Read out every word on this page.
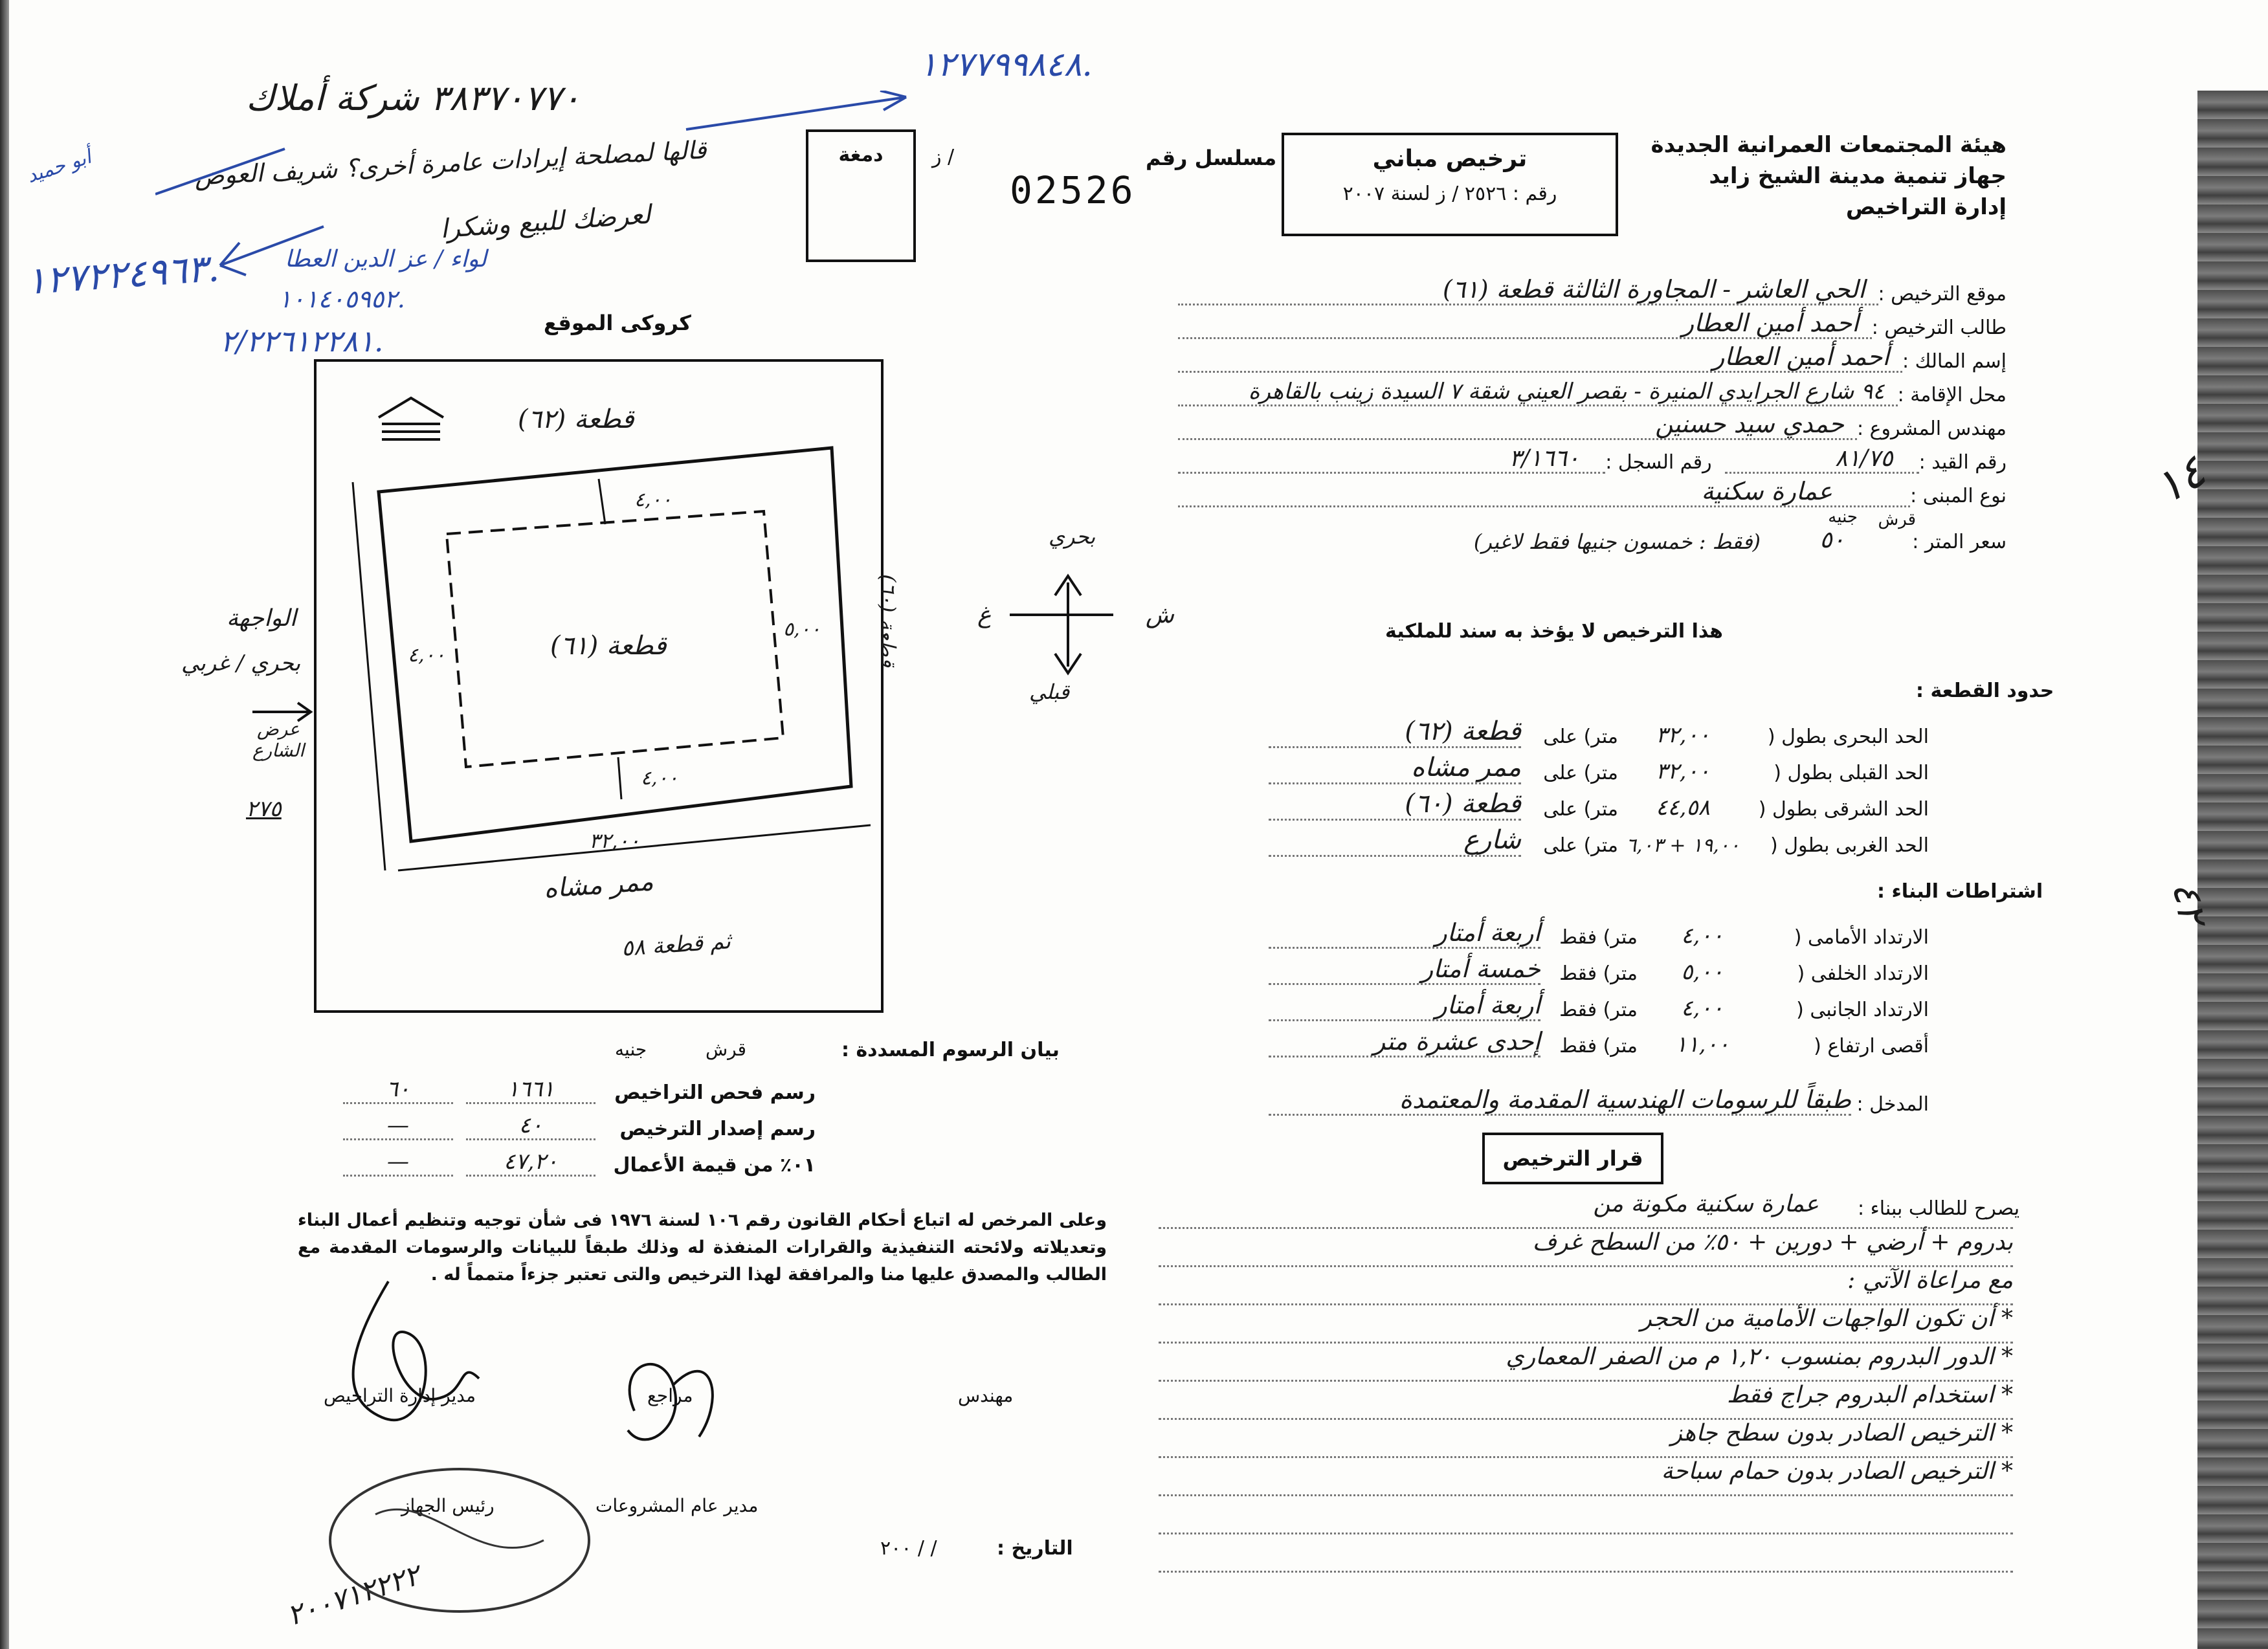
.١٢٧٧٩٩٨٤٨
٣٨٣٧٠٧٧٠ شركة أملاك
أبو حميد
.١٢٧٢٢٤٩٦٣
قالها لمصلحة إيرادات عامرة أخرى؟ شريف العوض
لعرضك للبيع وشكرا
لواء / عز الدين العطا
.١٠١٤٠٥٩٥٢
.٢/٢٢٦١٢٢٨١
هيئة المجتمعات العمرانية الجديدة
جهاز تنمية مدينة الشيخ زايد
إدارة التراخيص
ترخيص مباني
رقم : ٢٥٢٦ / ز لسنة ٢٠٠٧
مسلسل رقم
ز /
02526
دمغة
موقع الترخيص :
الحي العاشر - المجاورة الثالثة قطعة (٦١)
طالب الترخيص :
أحمد أمين العطار
إسم المالك :
أحمد أمين العطار
محل الإقامة :
٩٤ شارع الجرايدي المنيرة - بقصر العيني شقة ٧ السيدة زينب بالقاهرة
مهندس المشروع :
حمدي سيد حسنين
رقم القيد :
٨١/٧٥
رقم السجل :
٣/١٦٦٠
نوع المبنى :
عمارة سكنية
سعر المتر :
جنيه قرش
٥٠
(فقط : خمسون جنيها فقط لاغير)
هذا الترخيص لا يؤخذ به سند للملكية
حدود القطعة :
الحد البحرى بطول (
٣٢,٠٠
متر) على
قطعة (٦٢)
الحد القبلى بطول (
٣٢,٠٠
متر) على
ممر مشاه
الحد الشرقى بطول (
٤٤,٥٨
متر) على
قطعة (٦٠)
الحد الغربى بطول (
١٩,٠٠ + ٦,٠٣
متر) على
شارع
اشتراطات البناء :
الارتداد الأمامى (
٤,٠٠
متر) فقط
أربعة أمتار
الارتداد الخلفى (
٥,٠٠
متر) فقط
خمسة أمتار
الارتداد الجانبى (
٤,٠٠
متر) فقط
أربعة أمتار
أقصى ارتفاع (
١١,٠٠
متر) فقط
إحدى عشرة متر
المدخل :
طبقاً للرسومات الهندسية المقدمة والمعتمدة
قرار الترخيص
يصرح للطالب ببناء :
عمارة سكنية مكونة من
بدروم + أرضي + دورين + ٥٠٪ من السطح غرف
مع مراعاة الآتي :
* أن تكون الواجهات الأمامية من الحجر
* الدور البدروم بمنسوب ١,٢٠ م من الصفر المعماري
* استخدام البدروم جراج فقط
* الترخيص الصادر بدون سطح جاهز
* الترخيص الصادر بدون حمام سباحة
بحري
قبلي
غ	ش
كروكى الموقع
قطعة (٦٢)
قطعة (٦١)
قطعة (٦٠)
٤,٠٠
٤,٠٠
٤,٠٠
٥,٠٠
٣٢,٠٠
ممر مشاه
ثم قطعة ٥٨
الواجهة
بحري / غربي
عرض الشارع
٢٧٥
بيان الرسوم المسددة :
قرش
جنيه
رسم فحص التراخيص
١٦٦١
٦٠
رسم إصدار الترخيص
٤٠
—
٠١٪ من قيمة الأعمال
٤٧,٢٠
—
وعلى المرخص له اتباع أحكام القانون رقم ١٠٦ لسنة ١٩٧٦ فى شأن توجيه وتنظيم أعمال البناء وتعديلاته ولائحته التنفيذية والقرارات المنفذة له وذلك طبقاً للبيانات والرسومات المقدمة مع الطالب والمصدق عليها منا والمرافقة لهذا الترخيص والتى تعتبر جزءاً متمماً له .
مهندس
مراجع
مدير إدارة التراخيص
مدير عام المشروعات
رئيس الجهاز
التاريخ :
/ / ٢٠٠
٢٠٠٧١٢٢٢٢
١٤
٤٢
